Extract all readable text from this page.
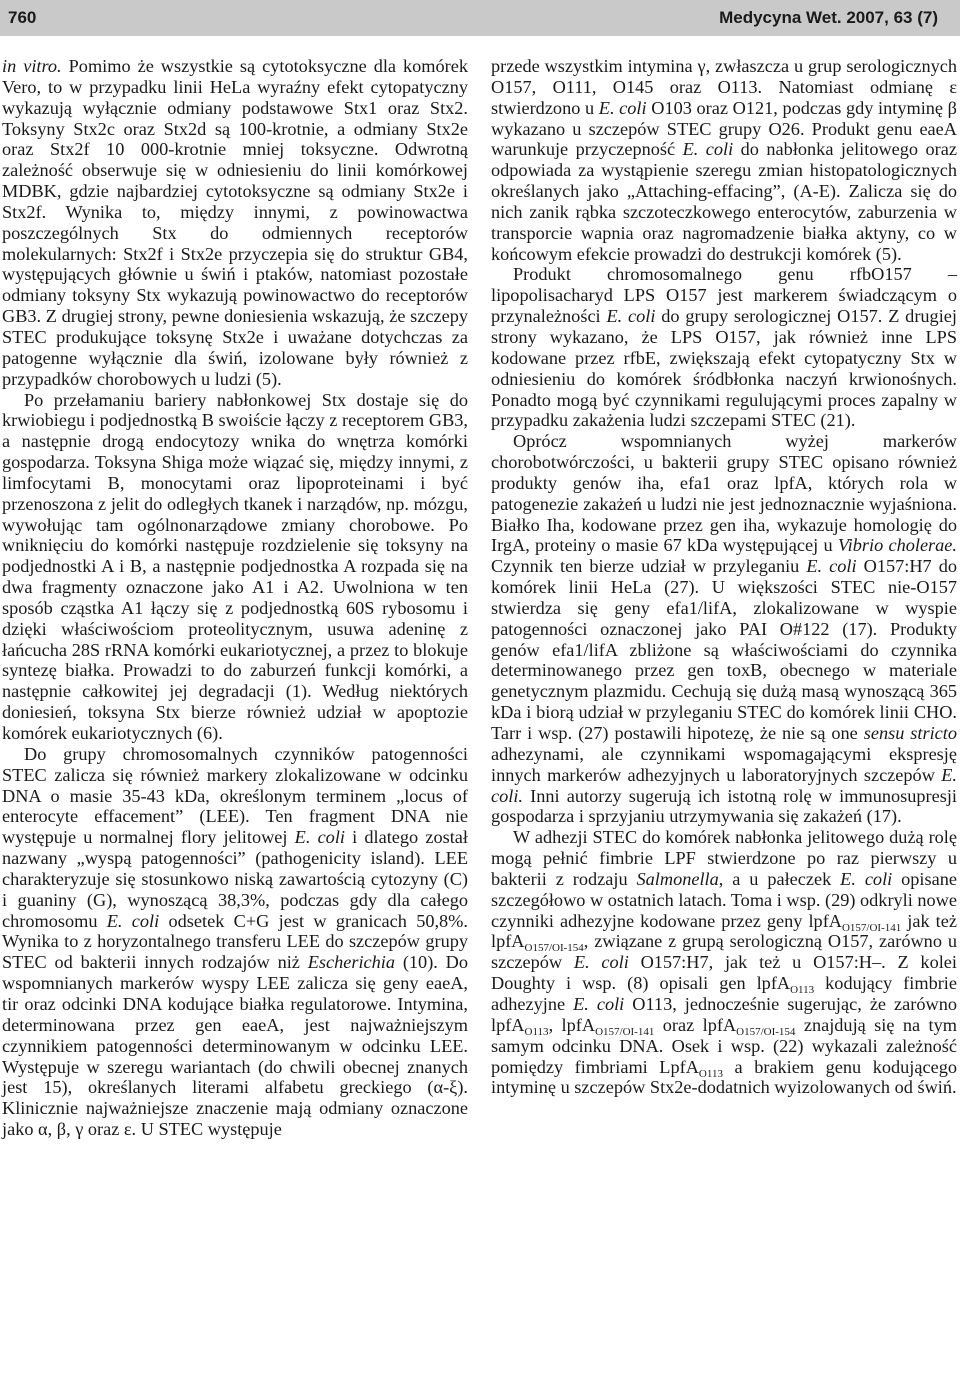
760	Medycyna Wet. 2007, 63 (7)

in vitro. Pomimo że wszystkie są cytotoksyczne dla komórek Vero, to w przypadku linii HeLa wyraźny efekt cytopatyczny wykazują wyłącznie odmiany podstawowe Stx1 oraz Stx2. Toksyny Stx2c oraz Stx2d są 100-krotnie, a odmiany Stx2e oraz Stx2f 10 000-krotnie mniej toksyczne. Odwrotną zależność obserwuje się w odniesieniu do linii komórkowej MDBK, gdzie najbardziej cytotoksyczne są odmiany Stx2e i Stx2f. Wynika to, między innymi, z powinowactwa poszczególnych Stx do odmiennych receptorów molekularnych: Stx2f i Stx2e przyczepia się do struktur GB4, występujących głównie u świń i ptaków, natomiast pozostałe odmiany toksyny Stx wykazują powinowactwo do receptorów GB3. Z drugiej strony, pewne doniesienia wskazują, że szczepy STEC produkujące toksynę Stx2e i uważane dotychczas za patogenne wyłącznie dla świń, izolowane były również z przypadków chorobowych u ludzi (5).

Po przełamaniu bariery nabłonkowej Stx dostaje się do krwiobiegu i podjednostką B swoiście łączy z receptorem GB3, a następnie drogą endocytozy wnika do wnętrza komórki gospodarza. Toksyna Shiga może wiązać się, między innymi, z limfocytami B, monocytami oraz lipoproteinami i być przenoszona z jelit do odległych tkanek i narządów, np. mózgu, wywołując tam ogólnonarządowe zmiany chorobowe. Po wniknięciu do komórki następuje rozdzielenie się toksyny na podjednostki A i B, a następnie podjednostka A rozpada się na dwa fragmenty oznaczone jako A1 i A2. Uwolniona w ten sposób cząstka A1 łączy się z podjednostką 60S rybosomu i dzięki właściwościom proteolitycznym, usuwa adeninę z łańcucha 28S rRNA komórki eukariotycznej, a przez to blokuje syntezę białka. Prowadzi to do zaburzeń funkcji komórki, a następnie całkowitej jej degradacji (1). Według niektórych doniesień, toksyna Stx bierze również udział w apoptozie komórek eukariotycznych (6).

Do grupy chromosomalnych czynników patogenności STEC zalicza się również markery zlokalizowane w odcinku DNA o masie 35-43 kDa, określonym terminem „locus of enterocyte effacement” (LEE). Ten fragment DNA nie występuje u normalnej flory jelitowej E. coli i dlatego został nazwany „wyspą patogenności” (pathogenicity island). LEE charakteryzuje się stosunkowo niską zawartością cytozyny (C) i guaniny (G), wynoszącą 38,3%, podczas gdy dla całego chromosomu E. coli odsetek C+G jest w granicach 50,8%. Wynika to z horyzontalnego transferu LEE do szczepów grupy STEC od bakterii innych rodzajów niż Escherichia (10). Do wspomnianych markerów wyspy LEE zalicza się geny eaeA, tir oraz odcinki DNA kodujące białka regulatorowe. Intymina, determinowana przez gen eaeA, jest najważniejszym czynnikiem patogenności determinowanym w odcinku LEE. Występuje w szeregu wariantach (do chwili obecnej znanych jest 15), określanych literami alfabetu greckiego (α-ξ). Klinicznie najważniejsze znaczenie mają odmiany oznaczone jako α, β, γ oraz ε. U STEC występuje

przede wszystkim intymina γ, zwłaszcza u grup serologicznych O157, O111, O145 oraz O113. Natomiast odmianę ε stwierdzono u E. coli O103 oraz O121, podczas gdy intyminę β wykazano u szczepów STEC grupy O26. Produkt genu eaeA warunkuje przyczepność E. coli do nabłonka jelitowego oraz odpowiada za wystąpienie szeregu zmian histopatologicznych określanych jako „Attaching-effacing”, (A-E). Zalicza się do nich zanik rąbka szczoteczkowego enterocytów, zaburzenia w transporcie wapnia oraz nagromadzenie białka aktyny, co w końcowym efekcie prowadzi do destrukcji komórek (5).

Produkt chromosomalnego genu rfbO157 – lipopolisacharyd LPS O157 jest markerem świadczącym o przynależności E. coli do grupy serologicznej O157. Z drugiej strony wykazano, że LPS O157, jak również inne LPS kodowane przez rfbE, zwiększają efekt cytopatyczny Stx w odniesieniu do komórek śródbłonka naczyń krwionośnych. Ponadto mogą być czynnikami regulującymi proces zapalny w przypadku zakażenia ludzi szczepami STEC (21).

Oprócz wspomnianych wyżej markerów chorobotwórczości, u bakterii grupy STEC opisano również produkty genów iha, efa1 oraz lpfA, których rola w patogenezie zakażeń u ludzi nie jest jednoznacznie wyjaśniona. Białko Iha, kodowane przez gen iha, wykazuje homologię do IrgA, proteiny o masie 67 kDa występującej u Vibrio cholerae. Czynnik ten bierze udział w przyleganiu E. coli O157:H7 do komórek linii HeLa (27). U większości STEC nie-O157 stwierdza się geny efa1/lifA, zlokalizowane w wyspie patogenności oznaczonej jako PAI O#122 (17). Produkty genów efa1/lifA zbliżone są właściwościami do czynnika determinowanego przez gen toxB, obecnego w materiale genetycznym plazmidu. Cechują się dużą masą wynoszącą 365 kDa i biorą udział w przyleganiu STEC do komórek linii CHO. Tarr i wsp. (27) postawili hipotezę, że nie są one sensu stricto adhezynami, ale czynnikami wspomagającymi ekspresję innych markerów adhezyjnych u laboratoryjnych szczepów E. coli. Inni autorzy sugerują ich istotną rolę w immunosupresji gospodarza i sprzyjaniu utrzymywania się zakażeń (17).

W adhezji STEC do komórek nabłonka jelitowego dużą rolę mogą pełnić fimbrie LPF stwierdzone po raz pierwszy u bakterii z rodzaju Salmonella, a u pałeczek E. coli opisane szczegółowo w ostatnich latach. Toma i wsp. (29) odkryli nowe czynniki adhezyjne kodowane przez geny lpfA$_{O157/OI-141}$ jak też lpfA$_{O157/OI-154}$, związane z grupą serologiczną O157, zarówno u szczepów E. coli O157:H7, jak też u O157:H–. Z kolei Doughty i wsp. (8) opisali gen lpfA$_{O113}$ kodujący fimbrie adhezyjne E. coli O113, jednocześnie sugerując, że zarówno lpfA$_{O113}$, lpfA$_{O157/OI-141}$ oraz lpfA$_{O157/OI-154}$ znajdują się na tym samym odcinku DNA. Osek i wsp. (22) wykazali zależność pomiędzy fimbriami LpfA$_{O113}$ a brakiem genu kodującego intyminę u szczepów Stx2e-dodatnich wyizolowanych od świń.
